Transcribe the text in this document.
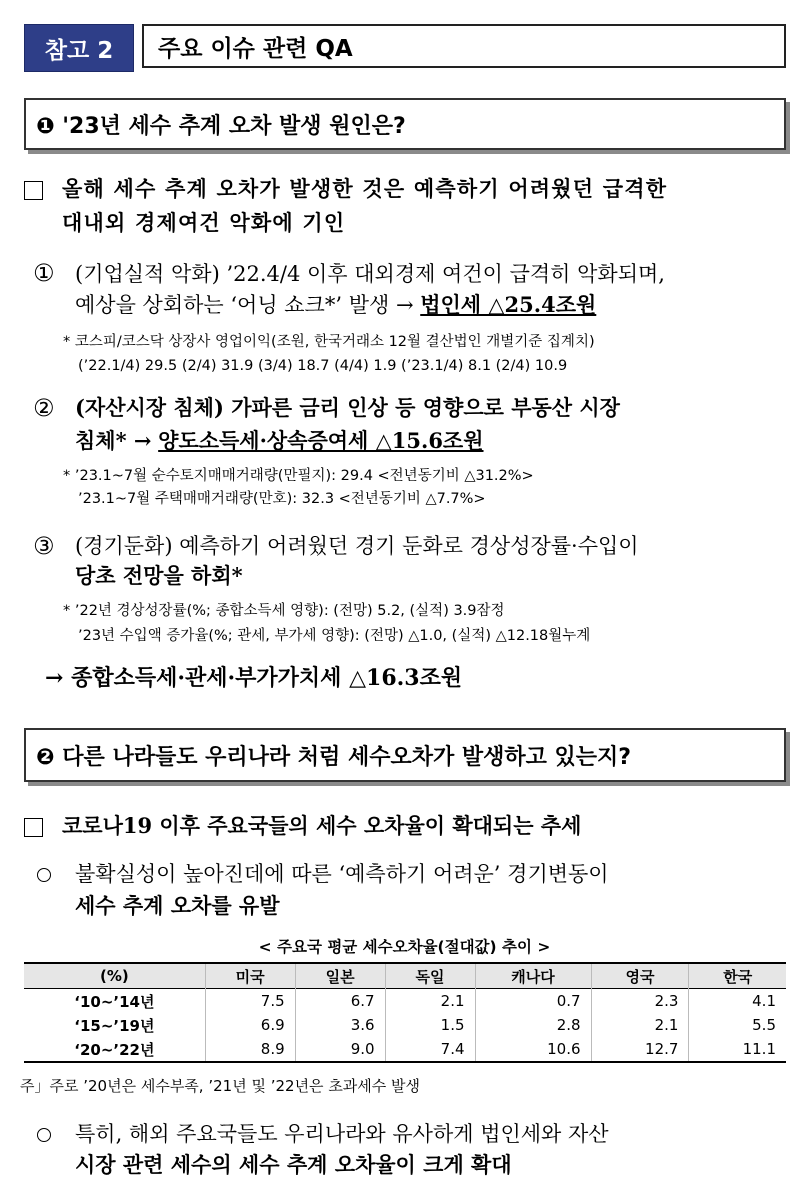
참고 2	주요 이슈 관련 QA
❶ '23년 세수 추계 오차 발생 원인은?
올해 세수 추계 오차가 발생한 것은 예측하기 어려웠던 급격한
대내외 경제여건 악화에 기인
① (기업실적 악화) ’22.4/4 이후 대외경제 여건이 급격히 악화되며,
예상을 상회하는 ‘어닝 쇼크*’ 발생 → 법인세 △25.4조원
* 코스피/코스닥 상장사 영업이익(조원, 한국거래소 12월 결산법인 개별기준 집계치)
(’22.1/4) 29.5 (2/4) 31.9 (3/4) 18.7 (4/4) 1.9 (’23.1/4) 8.1 (2/4) 10.9
② (자산시장 침체) 가파른 금리 인상 등 영향으로 부동산 시장
침체* → 양도소득세·상속증여세 △15.6조원
* ’23.1~7월 순수토지매매거래량(만필지): 29.4 <전년동기비 △31.2%>
’23.1~7월 주택매매거래량(만호): 32.3 <전년동기비 △7.7%>
③ (경기둔화) 예측하기 어려웠던 경기 둔화로 경상성장률·수입이
당초 전망을 하회*
* ’22년 경상성장률(%; 종합소득세 영향): (전망) 5.2, (실적) 3.9잠정
’23년 수입액 증가율(%; 관세, 부가세 영향): (전망) △1.0, (실적) △12.18월누계
→ 종합소득세·관세·부가가치세 △16.3조원
❷ 다른 나라들도 우리나라 처럼 세수오차가 발생하고 있는지?
코로나19 이후 주요국들의 세수 오차율이 확대되는 추세
불확실성이 높아진데에 따른 ‘예측하기 어려운’ 경기변동이
세수 추계 오차를 유발
< 주요국 평균 세수오차율(절대값) 추이 >
(%)	미국	일본	독일	캐나다	영국	한국
‘10~’14년	7.5	6.7	2.1	0.7	2.3	4.1
‘15~’19년	6.9	3.6	1.5	2.8	2.1	5.5
‘20~’22년	8.9	9.0	7.4	10.6	12.7	11.1
주」주로 ’20년은 세수부족, ’21년 및 ’22년은 초과세수 발생
특히, 해외 주요국들도 우리나라와 유사하게 법인세와 자산
시장 관련 세수의 세수 추계 오차율이 크게 확대
